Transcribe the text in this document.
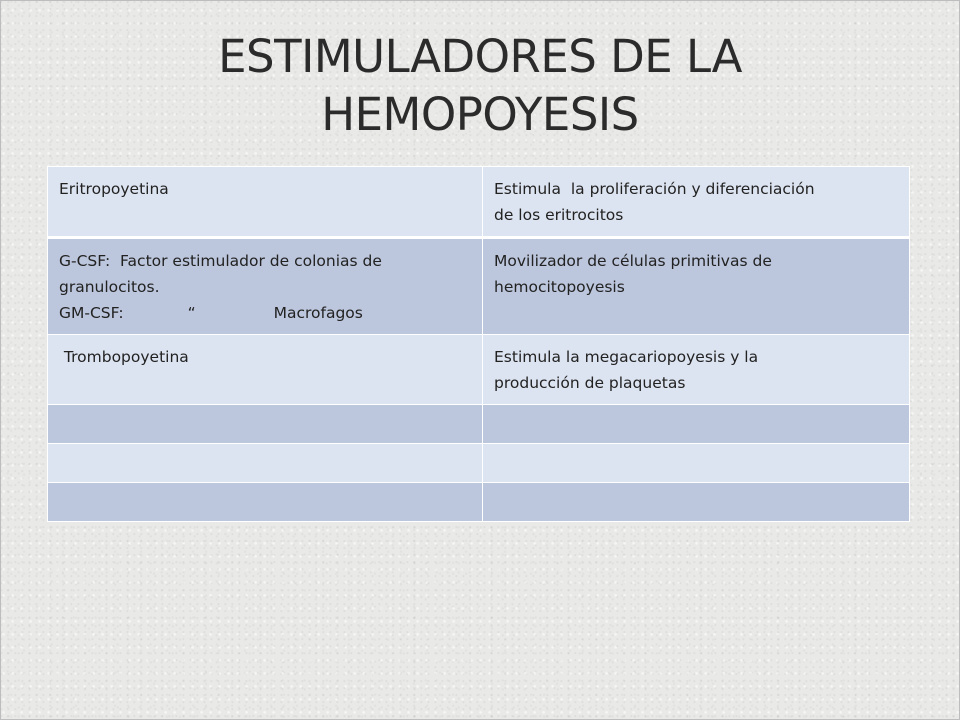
ESTIMULADORES DE LA
HEMOPOYESIS
Eritropoyetina	Estimula  la proliferación y diferenciación
de los eritrocitos

G-CSF:  Factor estimulador de colonias de
granulocitos.
GM-CSF: “ Macrofagos	Movilizador de células primitivas de
hemocitopoyesis

Trombopoyetina	Estimula la megacariopoyesis y la
producción de plaquetas
